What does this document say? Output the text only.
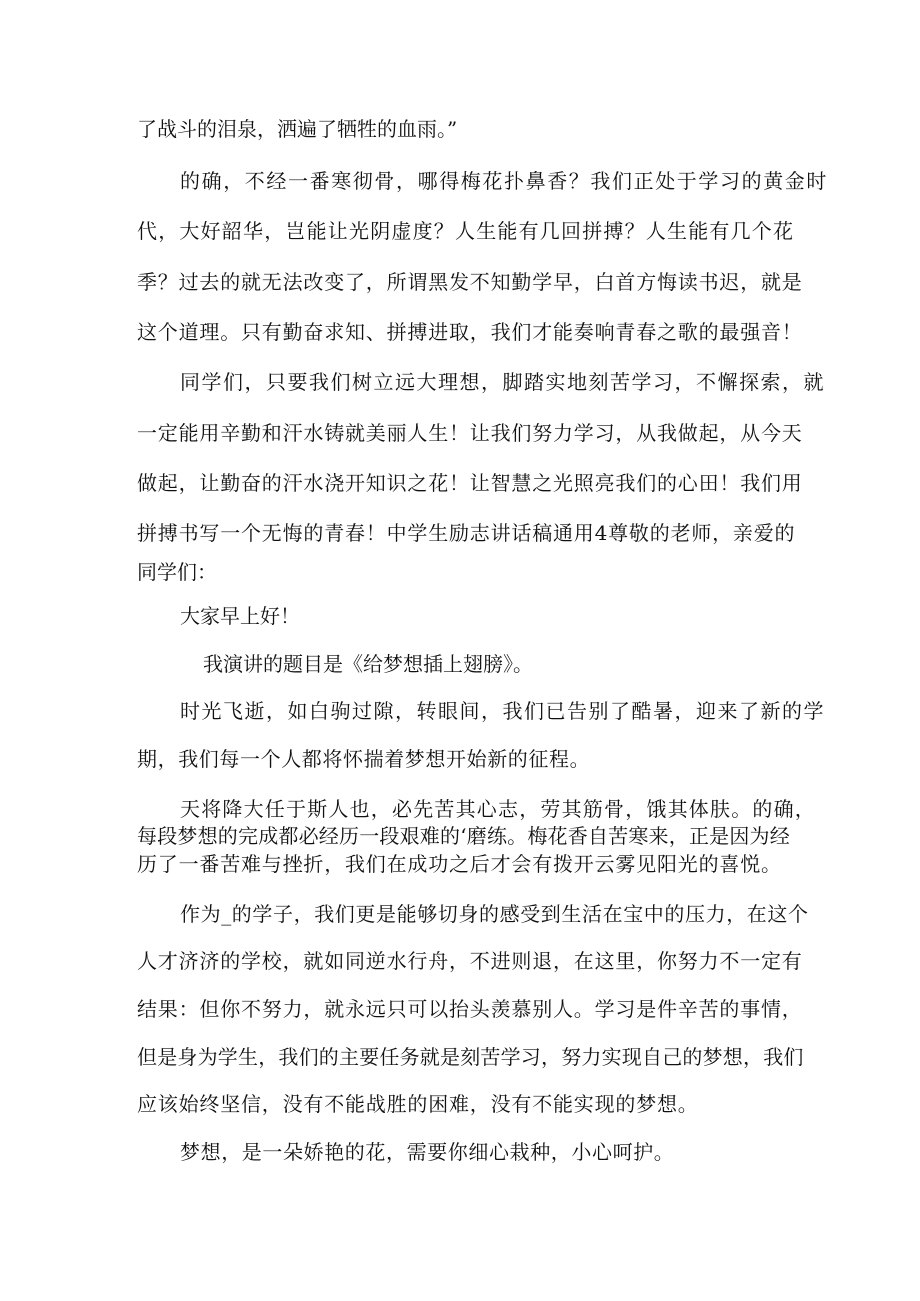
了战斗的泪泉，洒遍了牺牲的血雨。”

的确，不经一番寒彻骨，哪得梅花扑鼻香？我们正处于学习的黄金时

代，大好韶华，岂能让光阴虚度？人生能有几回拼搏？人生能有几个花

季？过去的就无法改变了，所谓黑发不知勤学早，白首方悔读书迟，就是

这个道理。只有勤奋求知、拼搏进取，我们才能奏响青春之歌的最强音！

同学们，只要我们树立远大理想，脚踏实地刻苦学习，不懈探索，就

一定能用辛勤和汗水铸就美丽人生！让我们努力学习，从我做起，从今天

做起，让勤奋的汗水浇开知识之花！让智慧之光照亮我们的心田！我们用

拼搏书写一个无悔的青春！中学生励志讲话稿通用4尊敬的老师，亲爱的

同学们：

大家早上好！

我演讲的题目是《给梦想插上翅膀》。

时光飞逝，如白驹过隙，转眼间，我们已告别了酷暑，迎来了新的学

期，我们每一个人都将怀揣着梦想开始新的征程。

天将降大任于斯人也，必先苦其心志，劳其筋骨，饿其体肤。的确，

每段梦想的完成都必经历一段艰难的‘磨练。梅花香自苦寒来，正是因为经

历了一番苦难与挫折，我们在成功之后才会有拨开云雾见阳光的喜悦。

作为_的学子，我们更是能够切身的感受到生活在宝中的压力，在这个

人才济济的学校，就如同逆水行舟，不进则退，在这里，你努力不一定有

结果：但你不努力，就永远只可以抬头羡慕别人。学习是件辛苦的事情，

但是身为学生，我们的主要任务就是刻苦学习，努力实现自己的梦想，我们

应该始终坚信，没有不能战胜的困难，没有不能实现的梦想。

梦想，是一朵娇艳的花，需要你细心栽种，小心呵护。
